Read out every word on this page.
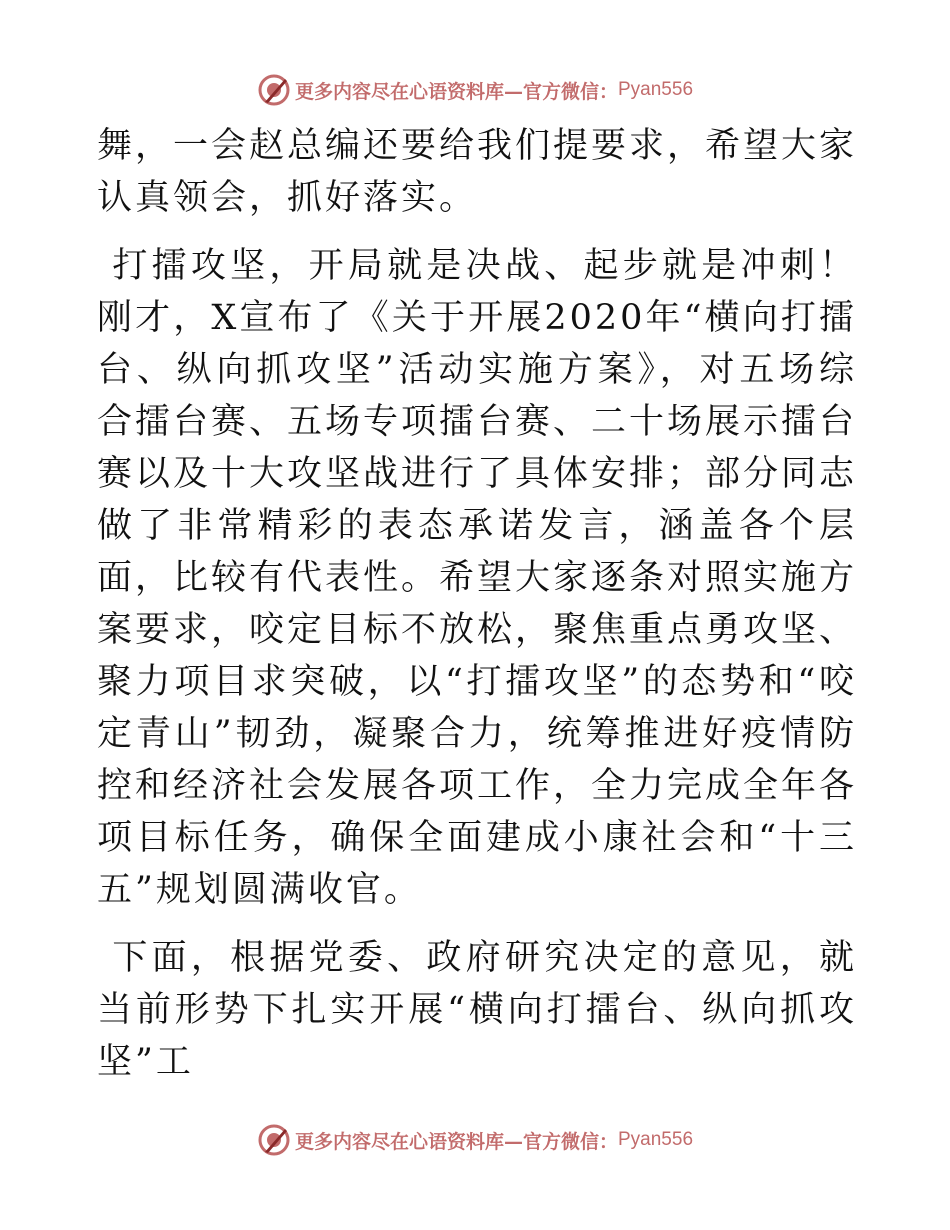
更多内容尽在心语资料库—官方微信： Pyan556

舞，一会赵总编还要给我们提要求，希望大家认真领会，抓好落实。

打擂攻坚，开局就是决战、起步就是冲刺！刚才，X宣布了《关于开展2020年“横向打擂台、纵向抓攻坚”活动实施方案》，对五场综合擂台赛、五场专项擂台赛、二十场展示擂台赛以及十大攻坚战进行了具体安排；部分同志做了非常精彩的表态承诺发言，涵盖各个层面，比较有代表性。希望大家逐条对照实施方案要求，咬定目标不放松，聚焦重点勇攻坚、聚力项目求突破，以“打擂攻坚”的态势和“咬定青山”韧劲，凝聚合力，统筹推进好疫情防控和经济社会发展各项工作，全力完成全年各项目标任务，确保全面建成小康社会和“十三五”规划圆满收官。

下面，根据党委、政府研究决定的意见，就当前形势下扎实开展“横向打擂台、纵向抓攻坚”工

更多内容尽在心语资料库—官方微信： Pyan556
